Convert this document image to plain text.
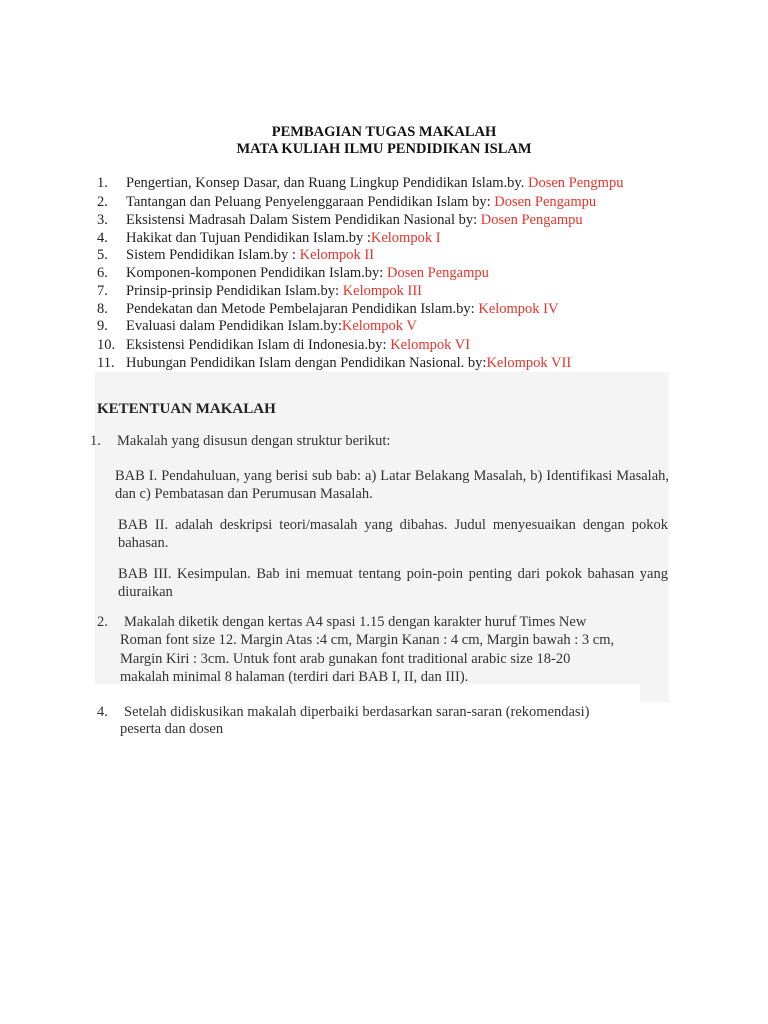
PEMBAGIAN TUGAS MAKALAH
MATA KULIAH ILMU PENDIDIKAN ISLAM
1. Pengertian, Konsep Dasar, dan Ruang Lingkup Pendidikan Islam.by. Dosen Pengmpu
2. Tantangan dan Peluang Penyelenggaraan Pendidikan Islam by: Dosen Pengampu
3. Eksistensi Madrasah Dalam Sistem Pendidikan Nasional by: Dosen Pengampu
4. Hakikat dan Tujuan Pendidikan Islam.by :Kelompok I
5. Sistem Pendidikan Islam.by : Kelompok II
6. Komponen-komponen Pendidikan Islam.by: Dosen Pengampu
7. Prinsip-prinsip Pendidikan Islam.by: Kelompok III
8. Pendekatan dan Metode Pembelajaran Pendidikan Islam.by: Kelompok IV
9. Evaluasi dalam Pendidikan Islam.by:Kelompok V
10. Eksistensi Pendidikan Islam di Indonesia.by: Kelompok VI
11. Hubungan Pendidikan Islam dengan Pendidikan Nasional. by:Kelompok VII
KETENTUAN MAKALAH
1. Makalah yang disusun dengan struktur berikut:
BAB I. Pendahuluan, yang berisi sub bab: a) Latar Belakang Masalah, b) Identifikasi Masalah, dan c) Pembatasan dan Perumusan Masalah.
BAB II. adalah deskripsi teori/masalah yang dibahas. Judul menyesuaikan dengan pokok bahasan.
BAB III. Kesimpulan. Bab ini memuat tentang poin-poin penting dari pokok bahasan yang diuraikan
2. Makalah diketik dengan kertas A4 spasi 1.15 dengan karakter huruf Times New
Roman font size 12. Margin Atas :4 cm, Margin Kanan : 4 cm, Margin bawah : 3 cm,
Margin Kiri : 3cm. Untuk font arab gunakan font traditional arabic size 18-20
makalah minimal 8 halaman (terdiri dari BAB I, II, dan III).
4. Setelah didiskusikan makalah diperbaiki berdasarkan saran-saran (rekomendasi)
peserta dan dosen
